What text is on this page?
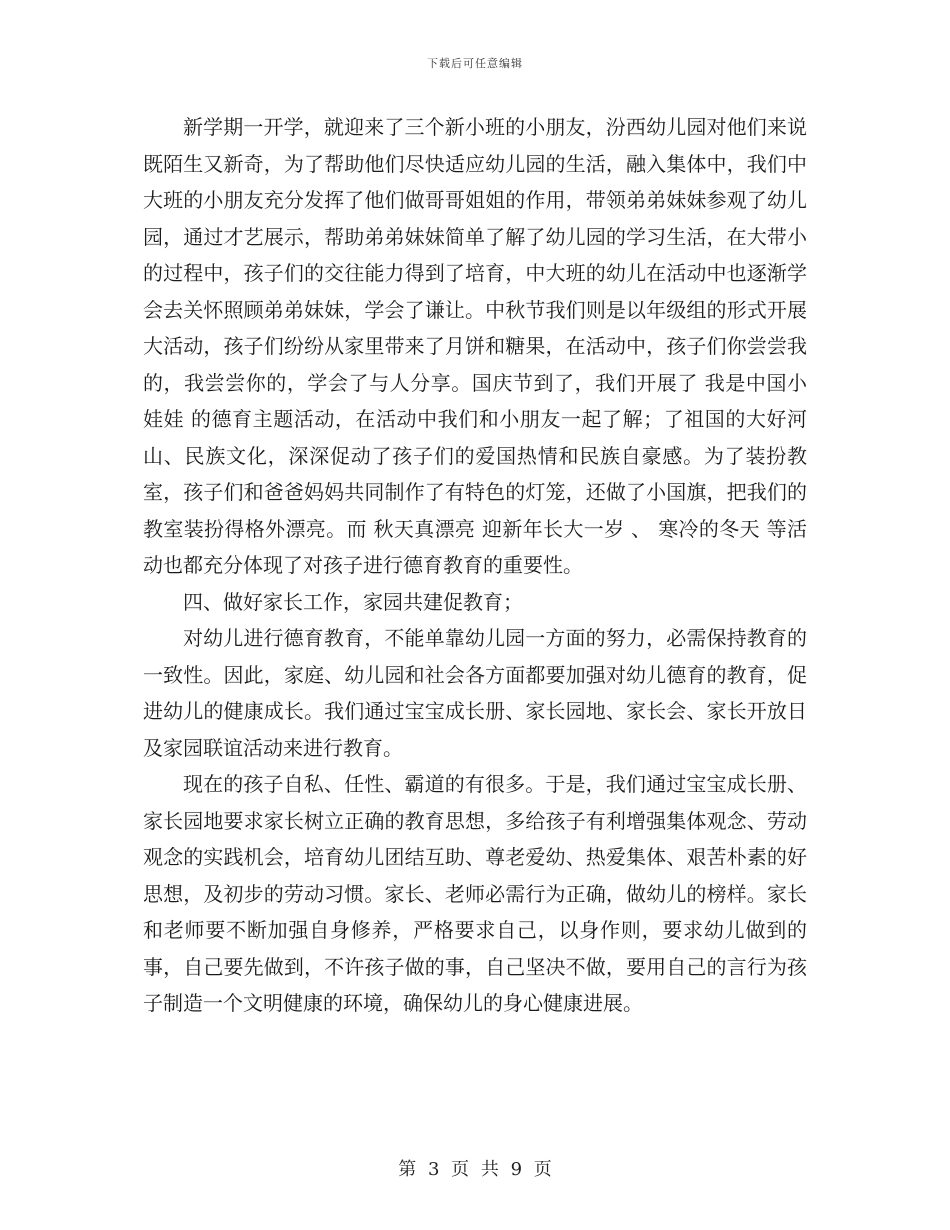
下载后可任意编辑

新学期一开学，就迎来了三个新小班的小朋友，汾西幼儿园对他们来说既陌生又新奇，为了帮助他们尽快适应幼儿园的生活，融入集体中，我们中大班的小朋友充分发挥了他们做哥哥姐姐的作用，带领弟弟妹妹参观了幼儿园，通过才艺展示，帮助弟弟妹妹简单了解了幼儿园的学习生活，在大带小的过程中，孩子们的交往能力得到了培育，中大班的幼儿在活动中也逐渐学会去关怀照顾弟弟妹妹，学会了谦让。中秋节我们则是以年级组的形式开展大活动，孩子们纷纷从家里带来了月饼和糖果，在活动中，孩子们你尝尝我的，我尝尝你的，学会了与人分享。国庆节到了，我们开展了 我是中国小娃娃 的德育主题活动，在活动中我们和小朋友一起了解；了祖国的大好河山、民族文化，深深促动了孩子们的爱国热情和民族自豪感。为了装扮教室，孩子们和爸爸妈妈共同制作了有特色的灯笼，还做了小国旗，把我们的教室装扮得格外漂亮。而 秋天真漂亮 迎新年长大一岁 、 寒冷的冬天 等活动也都充分体现了对孩子进行德育教育的重要性。

四、做好家长工作，家园共建促教育；

对幼儿进行德育教育，不能单靠幼儿园一方面的努力，必需保持教育的一致性。因此，家庭、幼儿园和社会各方面都要加强对幼儿德育的教育，促进幼儿的健康成长。我们通过宝宝成长册、家长园地、家长会、家长开放日及家园联谊活动来进行教育。

现在的孩子自私、任性、霸道的有很多。于是，我们通过宝宝成长册、家长园地要求家长树立正确的教育思想，多给孩子有利增强集体观念、劳动观念的实践机会，培育幼儿团结互助、尊老爱幼、热爱集体、艰苦朴素的好思想，及初步的劳动习惯。家长、老师必需行为正确，做幼儿的榜样。家长和老师要不断加强自身修养，严格要求自己，以身作则，要求幼儿做到的事，自己要先做到，不许孩子做的事，自己坚决不做，要用自己的言行为孩子制造一个文明健康的环境，确保幼儿的身心健康进展。

第 3 页 共 9 页
